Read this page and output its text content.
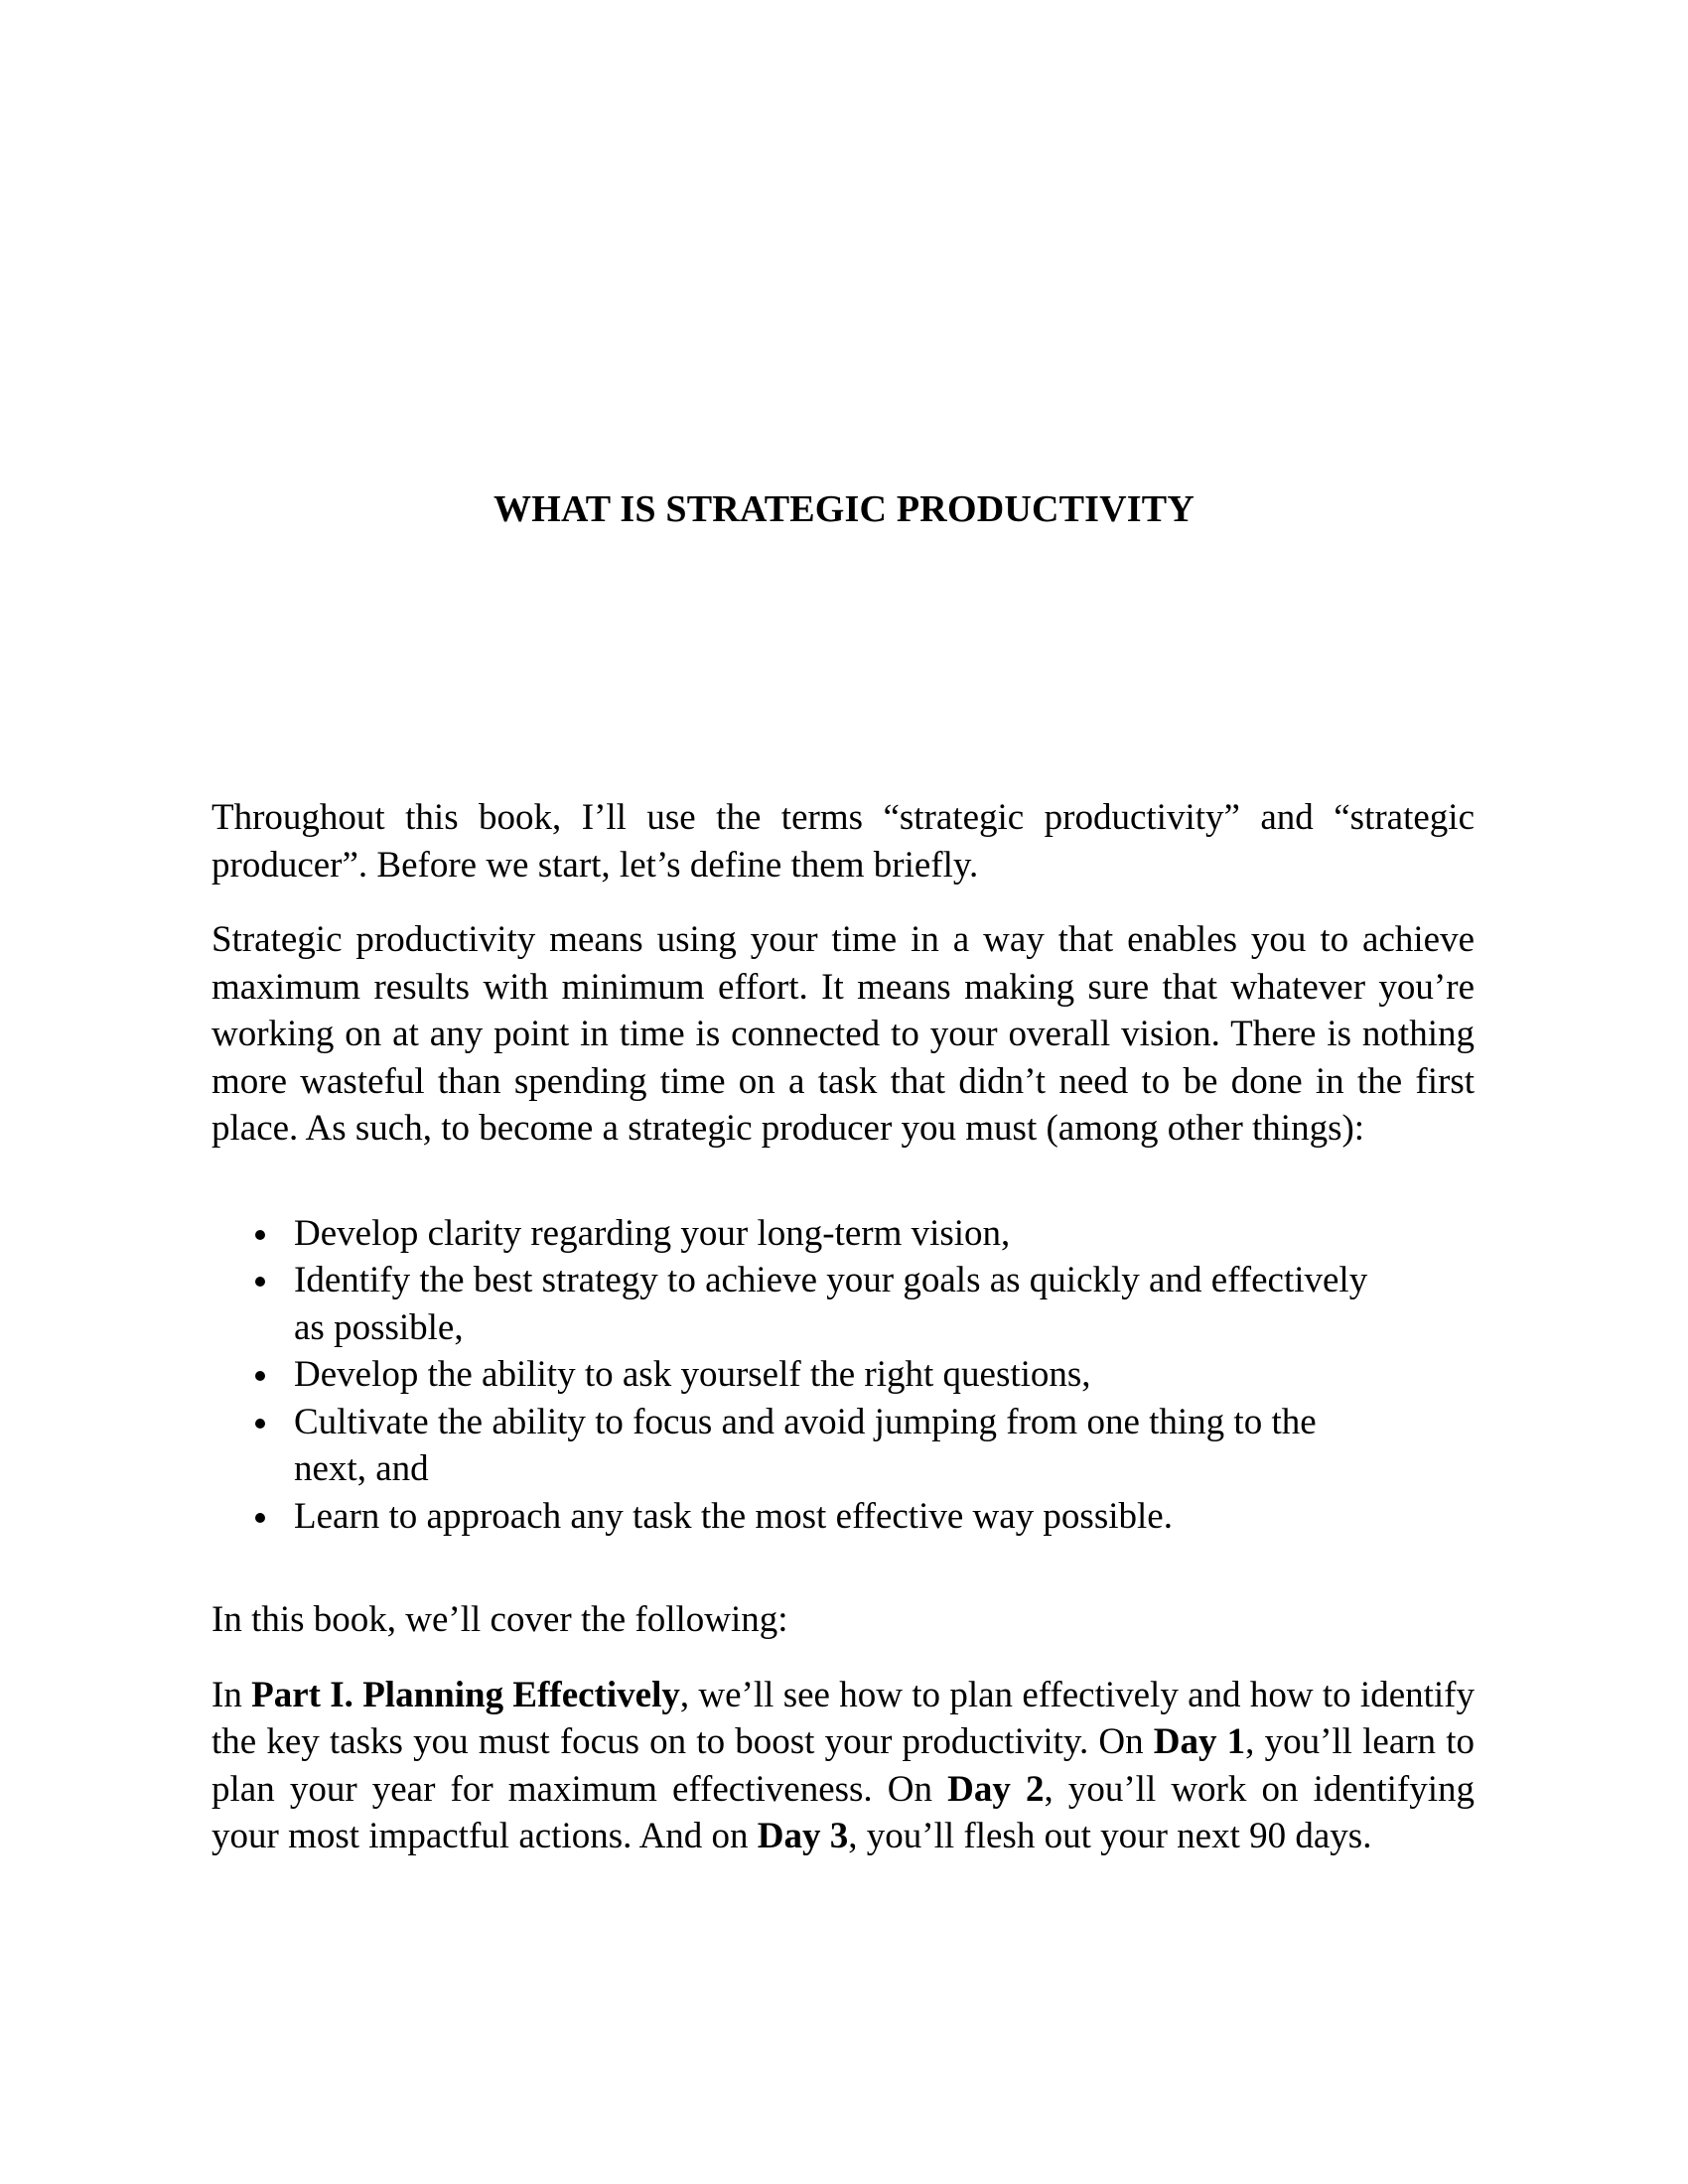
WHAT IS STRATEGIC PRODUCTIVITY

Throughout this book, I’ll use the terms “strategic productivity” and “strategic producer”. Before we start, let’s define them briefly.

Strategic productivity means using your time in a way that enables you to achieve maximum results with minimum effort. It means making sure that whatever you’re working on at any point in time is connected to your overall vision. There is nothing more wasteful than spending time on a task that didn’t need to be done in the first place. As such, to become a strategic producer you must (among other things):

Develop clarity regarding your long-term vision,
Identify the best strategy to achieve your goals as quickly and effectively as possible,
Develop the ability to ask yourself the right questions,
Cultivate the ability to focus and avoid jumping from one thing to the next, and
Learn to approach any task the most effective way possible.

In this book, we’ll cover the following:

In Part I. Planning Effectively, we’ll see how to plan effectively and how to identify the key tasks you must focus on to boost your productivity. On Day 1, you’ll learn to plan your year for maximum effectiveness. On Day 2, you’ll work on identifying your most impactful actions. And on Day 3, you’ll flesh out your next 90 days.
